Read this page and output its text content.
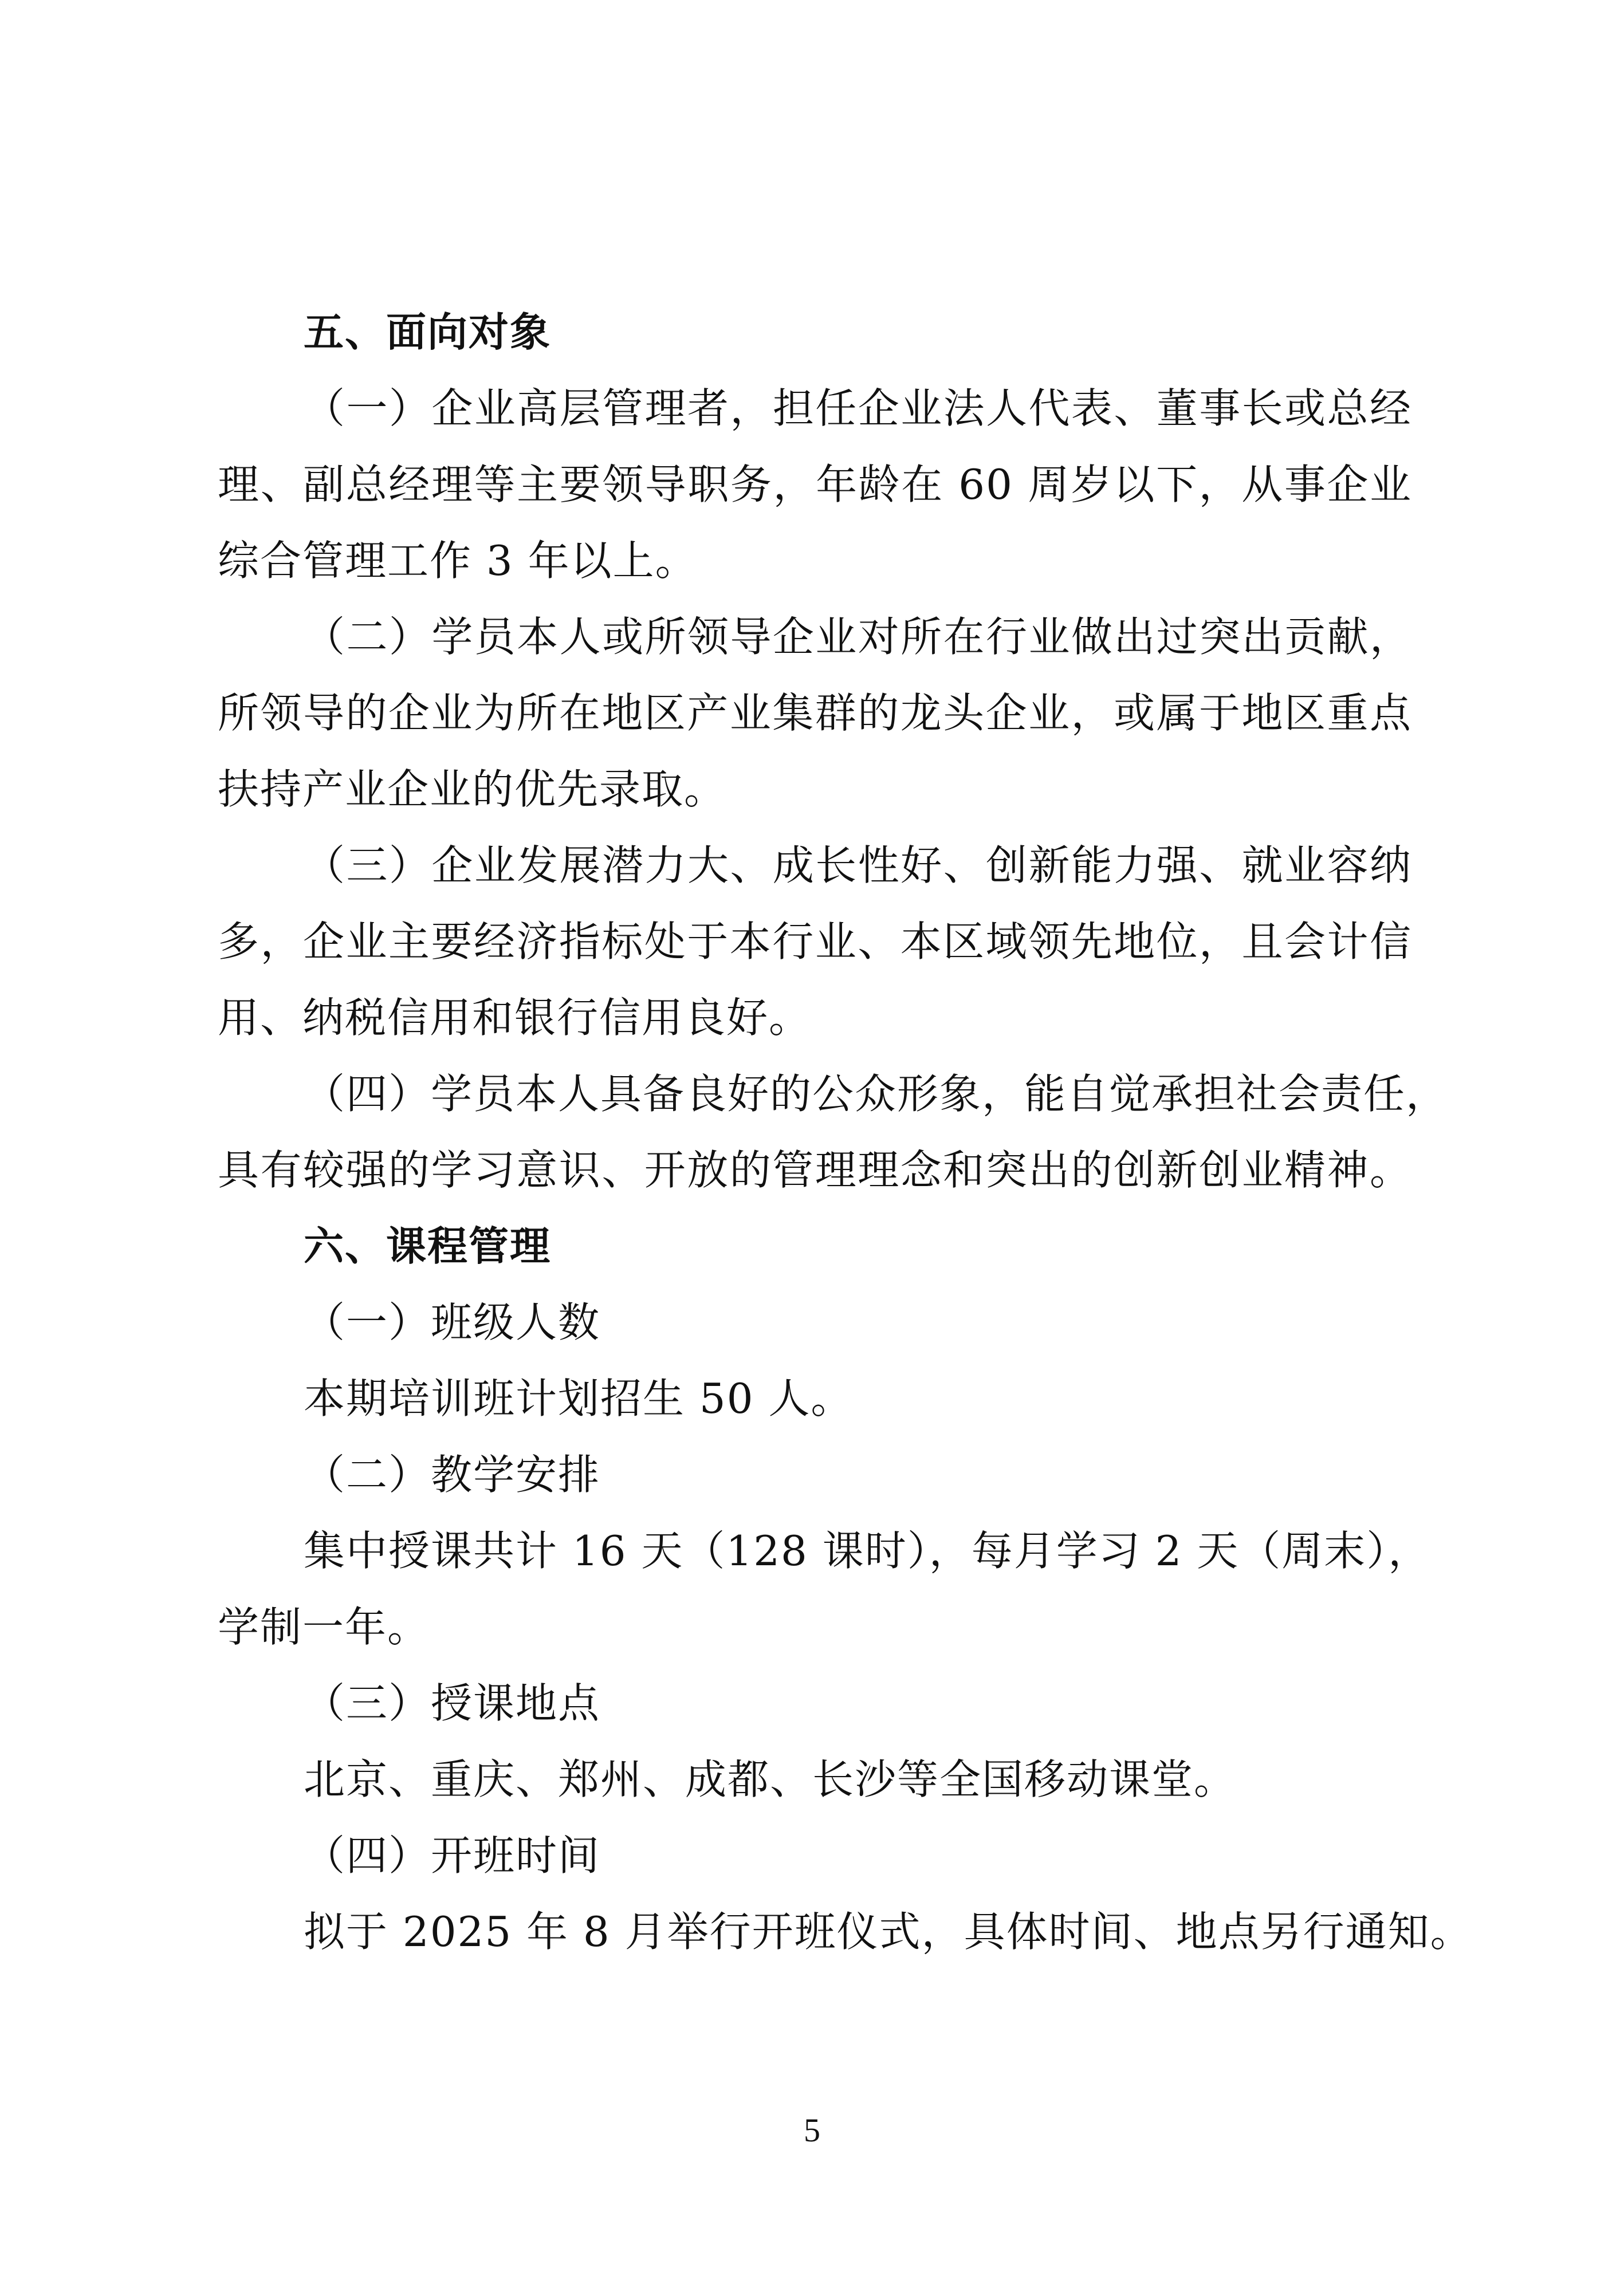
五、面向对象
（一）企业高层管理者，担任企业法人代表、董事长或总经
理、副总经理等主要领导职务，年龄在 60 周岁以下，从事企业
综合管理工作 3 年以上。
（二）学员本人或所领导企业对所在行业做出过突出贡献，
所领导的企业为所在地区产业集群的龙头企业，或属于地区重点
扶持产业企业的优先录取。
（三）企业发展潜力大、成长性好、创新能力强、就业容纳
多，企业主要经济指标处于本行业、本区域领先地位，且会计信
用、纳税信用和银行信用良好。
（四）学员本人具备良好的公众形象，能自觉承担社会责任，
具有较强的学习意识、开放的管理理念和突出的创新创业精神。
六、课程管理
（一）班级人数
本期培训班计划招生 50 人。
（二）教学安排
集中授课共计 16 天（128 课时），每月学习 2 天（周末），
学制一年。
（三）授课地点
北京、重庆、郑州、成都、长沙等全国移动课堂。
（四）开班时间
拟于 2025 年 8 月举行开班仪式，具体时间、地点另行通知。
5
